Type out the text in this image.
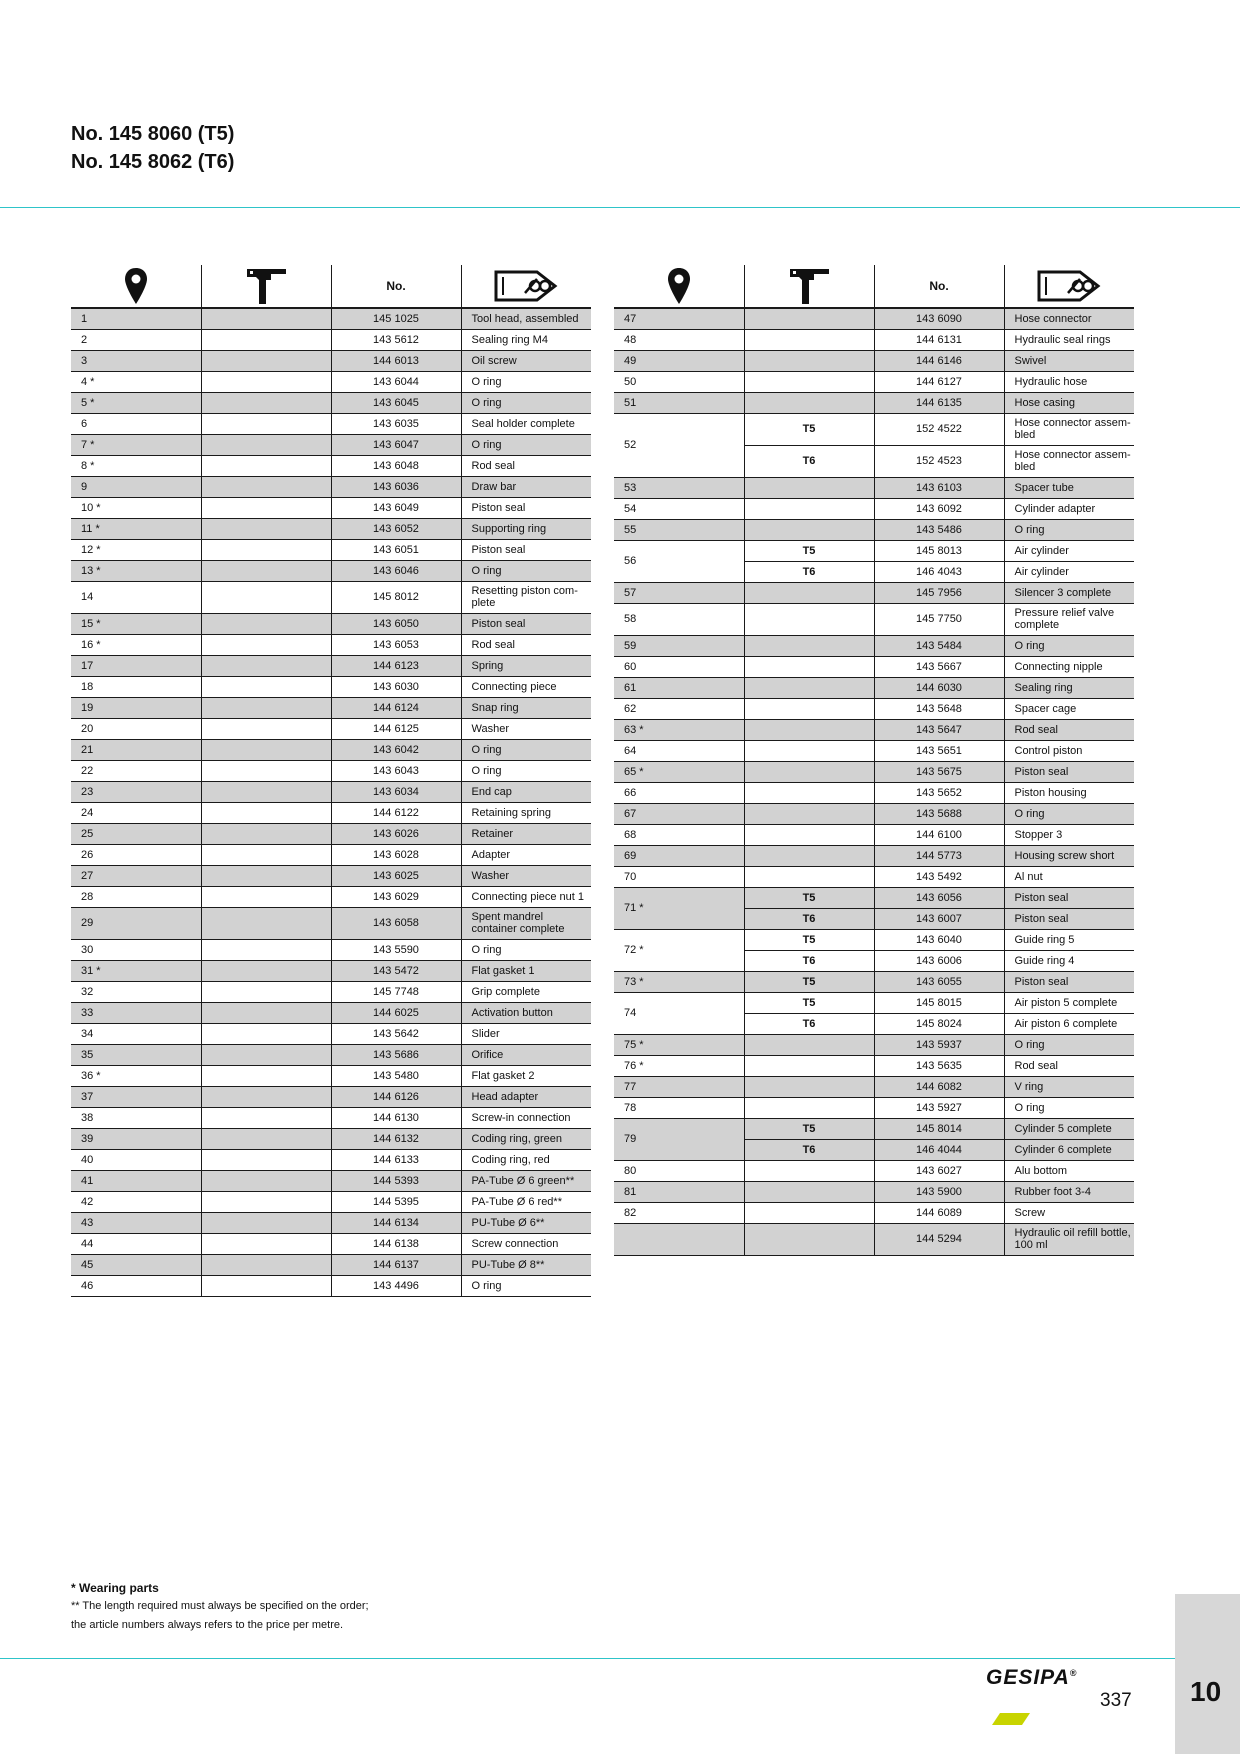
No. 145 8060 (T5)
No. 145 8062 (T6)

	No.	

1		145 1025	Tool head, assembled
2		143 5612	Sealing ring M4
3		144 6013	Oil screw
4 *		143 6044	O ring
5 *		143 6045	O ring
6		143 6035	Seal holder complete
7 *		143 6047	O ring
8 *		143 6048	Rod seal
9		143 6036	Draw bar
10 *		143 6049	Piston seal
11 *		143 6052	Supporting ring
12 *		143 6051	Piston seal
13 *		143 6046	O ring
14		145 8012	Resetting piston com-plete
15 *		143 6050	Piston seal
16 *		143 6053	Rod seal
17		144 6123	Spring
18		143 6030	Connecting piece
19		144 6124	Snap ring
20		144 6125	Washer
21		143 6042	O ring
22		143 6043	O ring
23		143 6034	End cap
24		144 6122	Retaining spring
25		143 6026	Retainer
26		143 6028	Adapter
27		143 6025	Washer
28		143 6029	Connecting piece nut 1
29		143 6058	Spent mandrel container complete
30		143 5590	O ring
31 *		143 5472	Flat gasket 1
32		145 7748	Grip complete
33		144 6025	Activation button
34		143 5642	Slider
35		143 5686	Orifice
36 *		143 5480	Flat gasket 2
37		144 6126	Head adapter
38		144 6130	Screw-in connection
39		144 6132	Coding ring, green
40		144 6133	Coding ring, red
41		144 5393	PA-Tube Ø 6 green**
42		144 5395	PA-Tube Ø 6 red**
43		144 6134	PU-Tube Ø 6**
44		144 6138	Screw connection
45		144 6137	PU-Tube Ø 8**
46		143 4496	O ring

	No.	

47		143 6090	Hose connector
48		144 6131	Hydraulic seal rings
49		144 6146	Swivel
50		144 6127	Hydraulic hose
51		144 6135	Hose casing
52	T5	152 4522	Hose connector assem-bled
	T6	152 4523	Hose connector assem-bled
53		143 6103	Spacer tube
54		143 6092	Cylinder adapter
55		143 5486	O ring
56	T5	145 8013	Air cylinder
	T6	146 4043	Air cylinder
57		145 7956	Silencer 3 complete
58		145 7750	Pressure relief valve complete
59		143 5484	O ring
60		143 5667	Connecting nipple
61		144 6030	Sealing ring
62		143 5648	Spacer cage
63 *		143 5647	Rod seal
64		143 5651	Control piston
65 *		143 5675	Piston seal
66		143 5652	Piston housing
67		143 5688	O ring
68		144 6100	Stopper 3
69		144 5773	Housing screw short
70		143 5492	Al nut
71 *	T5	143 6056	Piston seal
	T6	143 6007	Piston seal
72 *	T5	143 6040	Guide ring 5
	T6	143 6006	Guide ring 4
73 *	T5	143 6055	Piston seal
74	T5	145 8015	Air piston 5 complete
	T6	145 8024	Air piston 6 complete
75 *		143 5937	O ring
76 *		143 5635	Rod seal
77		144 6082	V ring
78		143 5927	O ring
79	T5	145 8014	Cylinder 5 complete
	T6	146 4044	Cylinder 6 complete
80		143 6027	Alu bottom
81		143 5900	Rubber foot 3-4
82		144 6089	Screw
		144 5294	Hydraulic oil refill bottle, 100 ml
* Wearing parts
** The length required must always be specified on the order;
the article numbers always refers to the price per metre.
GESIPA®
337 10
